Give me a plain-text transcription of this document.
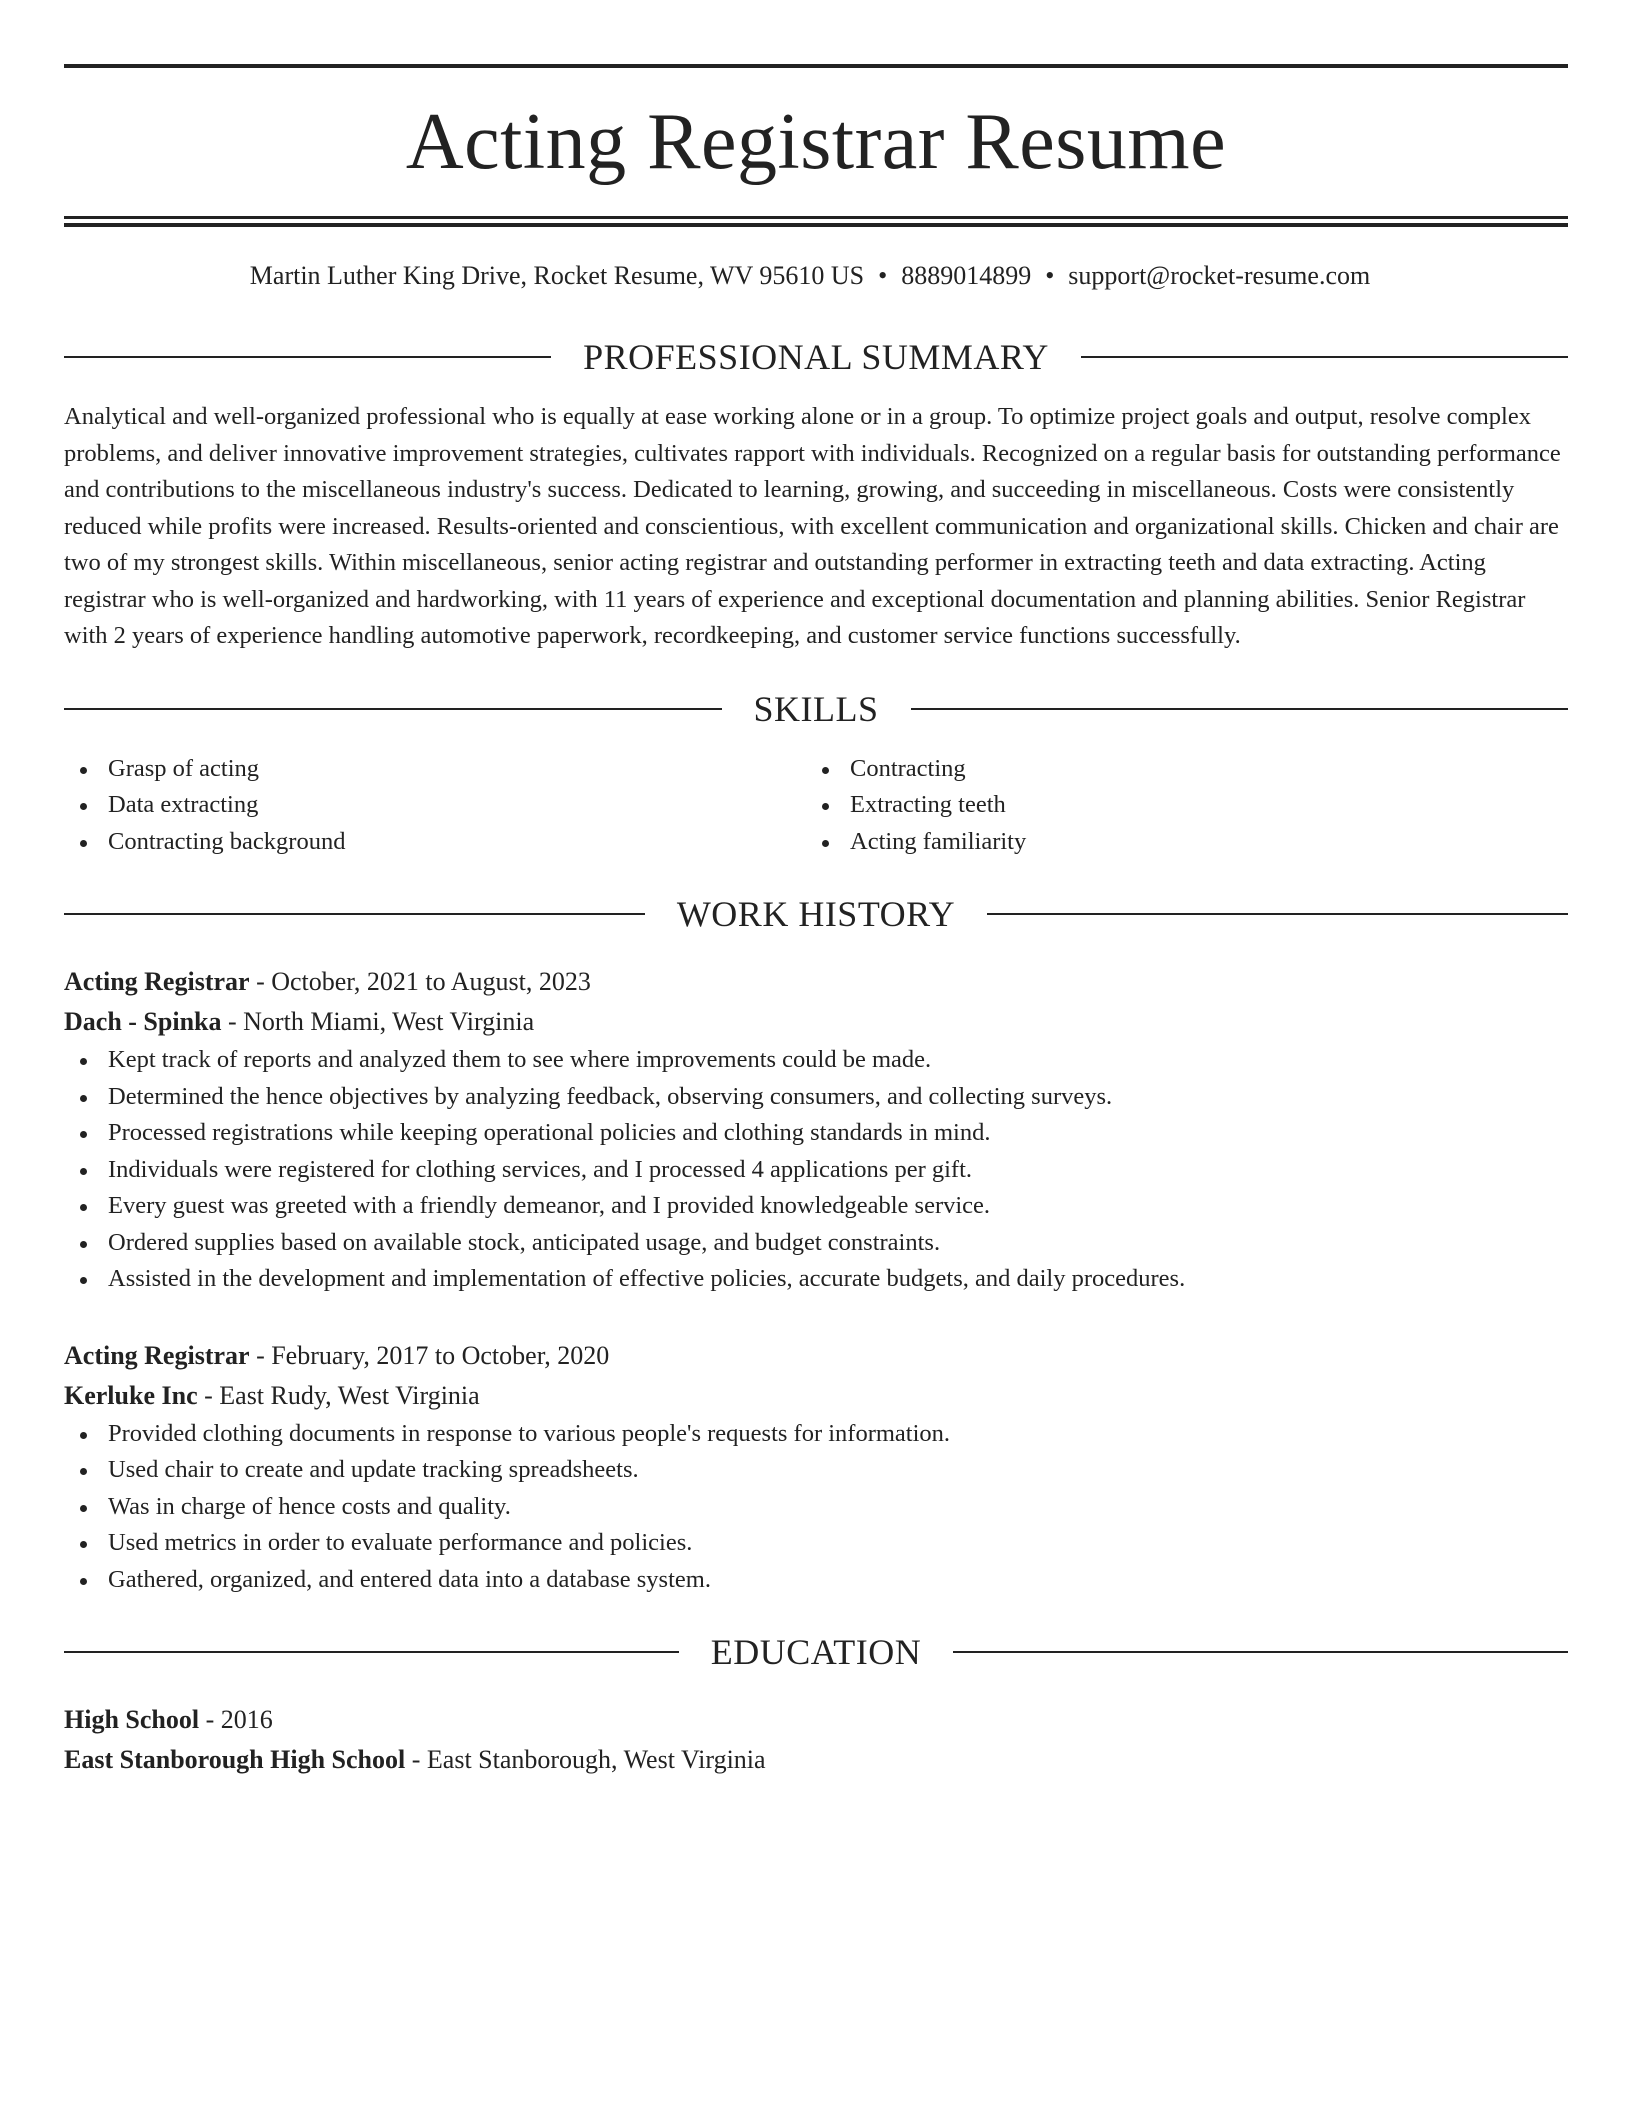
Acting Registrar Resume
Martin Luther King Drive, Rocket Resume, WV 95610 US • 8889014899 • support@rocket-resume.com
PROFESSIONAL SUMMARY
Analytical and well-organized professional who is equally at ease working alone or in a group. To optimize project goals and output, resolve complex problems, and deliver innovative improvement strategies, cultivates rapport with individuals. Recognized on a regular basis for outstanding performance and contributions to the miscellaneous industry's success. Dedicated to learning, growing, and succeeding in miscellaneous. Costs were consistently reduced while profits were increased. Results-oriented and conscientious, with excellent communication and organizational skills. Chicken and chair are two of my strongest skills. Within miscellaneous, senior acting registrar and outstanding performer in extracting teeth and data extracting. Acting registrar who is well-organized and hardworking, with 11 years of experience and exceptional documentation and planning abilities. Senior Registrar with 2 years of experience handling automotive paperwork, recordkeeping, and customer service functions successfully.
SKILLS
Grasp of acting
Data extracting
Contracting background
Contracting
Extracting teeth
Acting familiarity
WORK HISTORY
Acting Registrar - October, 2021 to August, 2023
Dach - Spinka - North Miami, West Virginia
Kept track of reports and analyzed them to see where improvements could be made.
Determined the hence objectives by analyzing feedback, observing consumers, and collecting surveys.
Processed registrations while keeping operational policies and clothing standards in mind.
Individuals were registered for clothing services, and I processed 4 applications per gift.
Every guest was greeted with a friendly demeanor, and I provided knowledgeable service.
Ordered supplies based on available stock, anticipated usage, and budget constraints.
Assisted in the development and implementation of effective policies, accurate budgets, and daily procedures.
Acting Registrar - February, 2017 to October, 2020
Kerluke Inc - East Rudy, West Virginia
Provided clothing documents in response to various people's requests for information.
Used chair to create and update tracking spreadsheets.
Was in charge of hence costs and quality.
Used metrics in order to evaluate performance and policies.
Gathered, organized, and entered data into a database system.
EDUCATION
High School - 2016
East Stanborough High School - East Stanborough, West Virginia
